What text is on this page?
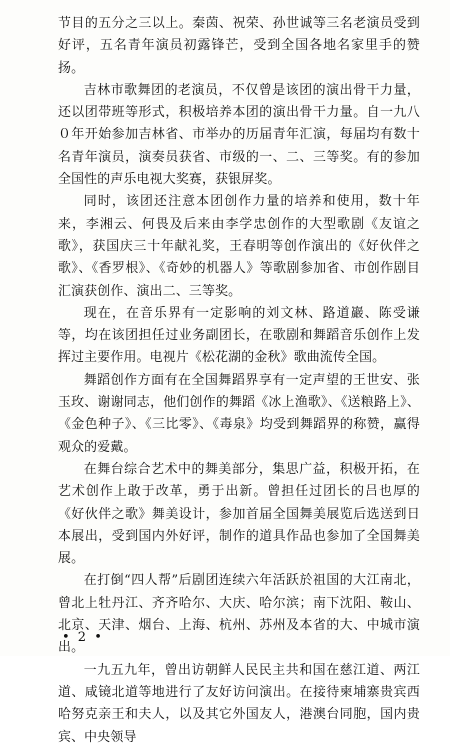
节目的五分之三以上。秦茵、祝荣、孙世诚等三名老演员受到好评，五名青年演员初露锋芒，受到全国各地名家里手的赞扬。

吉林市歌舞团的老演员，不仅曾是该团的演出骨干力量，还以团带班等形式，积极培养本团的演出骨干力量。自一九八０年开始参加吉林省、市举办的历届青年汇演，每届均有数十名青年演员，演奏员获省、市级的一、二、三等奖。有的参加全国性的声乐电视大奖赛，获银屏奖。

同时，该团还注意本团创作力量的培养和使用，数十年来，李湘云、何畏及后来由李学忠创作的大型歌剧《友谊之歌》，获国庆三十年献礼奖，王春明等创作演出的《好伙伴之歌》、《香罗根》、《奇妙的机器人》等歌剧参加省、市创作剧目汇演获创作、演出二、三等奖。

现在，在音乐界有一定影响的刘文林、路道巖、陈受谦等，均在该团担任过业务副团长，在歌剧和舞蹈音乐创作上发挥过主要作用。电视片《松花湖的金秋》歌曲流传全国。

舞蹈创作方面有在全国舞蹈界享有一定声望的王世安、张玉玫、谢谢同志，他们创作的舞蹈《冰上渔歌》、《送粮路上》、《金色种子》、《三比零》、《毒泉》均受到舞蹈界的称赞，赢得观众的爱戴。

在舞台综合艺术中的舞美部分，集思广益，积极开拓，在艺术创作上敢于改革，勇于出新。曾担任过团长的吕也厚的《好伙伴之歌》舞美设计，参加首届全国舞美展览后选送到日本展出，受到国内外好评，制作的道具作品也参加了全国舞美展。

在打倒“四人帮”后剧团连续六年活跃於祖国的大江南北，曾北上牡丹江、齐齐哈尔、大庆、哈尔滨；南下沈阳、鞍山、北京、天津、烟台、上海、杭州、苏州及本省的大、中城市演出。

一九五九年，曾出访朝鲜人民民主共和国在慈江道、两江道、咸镜北道等地进行了友好访问演出。在接待柬埔寨贵宾西哈努克亲王和夫人，以及其它外国友人，港澳台同胞，国内贵宾、中央领导

• 2 •
